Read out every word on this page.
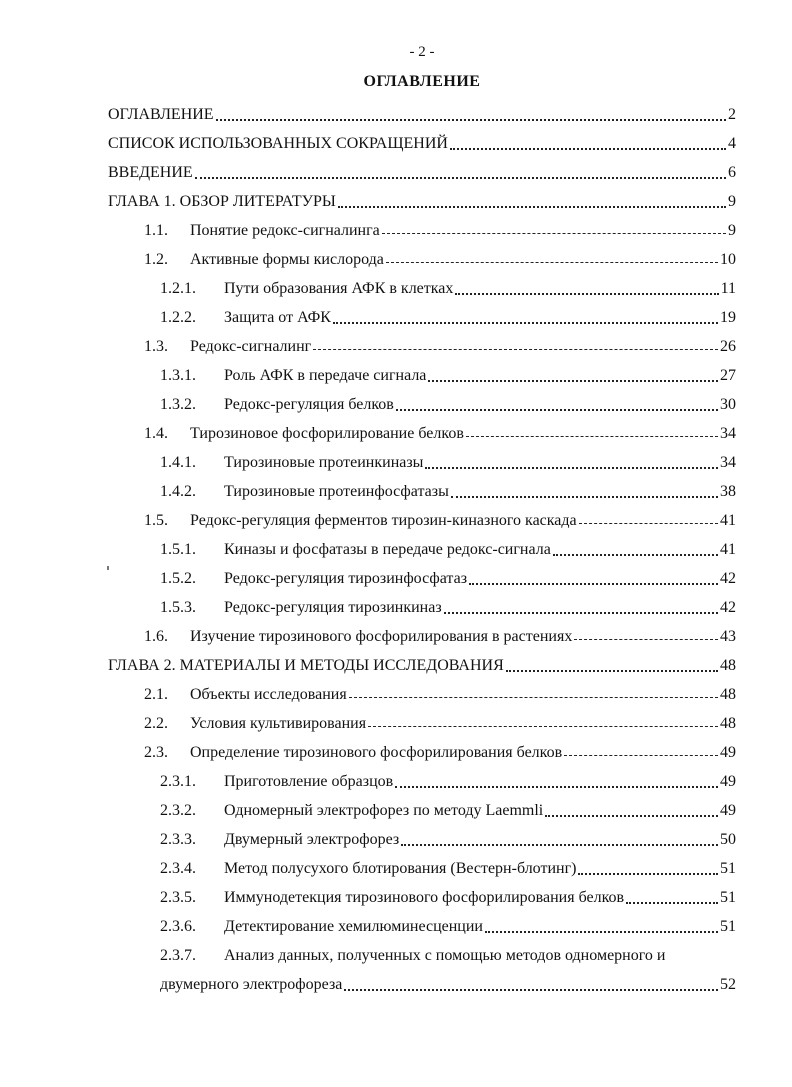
- 2 -
ОГЛАВЛЕНИЕ
ОГЛАВЛЕНИЕ	2
СПИСОК ИСПОЛЬЗОВАННЫХ СОКРАЩЕНИЙ	4
ВВЕДЕНИЕ	6
ГЛАВА 1. ОБЗОР ЛИТЕРАТУРЫ	9
1.1.	Понятие редокс-сигналинга	9
1.2.	Активные формы кислорода	10
1.2.1.	Пути образования АФК в клетках	11
1.2.2.	Защита от АФК	19
1.3.	Редокс-сигналинг	26
1.3.1.	Роль АФК в передаче сигнала	27
1.3.2.	Редокс-регуляция белков	30
1.4.	Тирозиновое фосфорилирование белков	34
1.4.1.	Тирозиновые протеинкиназы	34
1.4.2.	Тирозиновые протеинфосфатазы	38
1.5.	Редокс-регуляция ферментов тирозин-киназного каскада	41
1.5.1.	Киназы и фосфатазы в передаче редокс-сигнала	41
1.5.2.	Редокс-регуляция тирозинфосфатаз	42
1.5.3.	Редокс-регуляция тирозинкиназ	42
1.6.	Изучение тирозинового фосфорилирования в растениях	43
ГЛАВА 2. МАТЕРИАЛЫ И МЕТОДЫ ИССЛЕДОВАНИЯ	48
2.1.	Объекты исследования	48
2.2.	Условия культивирования	48
2.3.	Определение тирозинового фосфорилирования белков	49
2.3.1.	Приготовление образцов	49
2.3.2.	Одномерный электрофорез по методу Laemmli	49
2.3.3.	Двумерный электрофорез	50
2.3.4.	Метод полусухого блотирования (Вестерн-блотинг)	51
2.3.5.	Иммунодетекция тирозинового фосфорилирования белков	51
2.3.6.	Детектирование хемилюминесценции	51
2.3.7.	Анализ данных, полученных с помощью методов одномерного и
двумерного электрофореза	52
